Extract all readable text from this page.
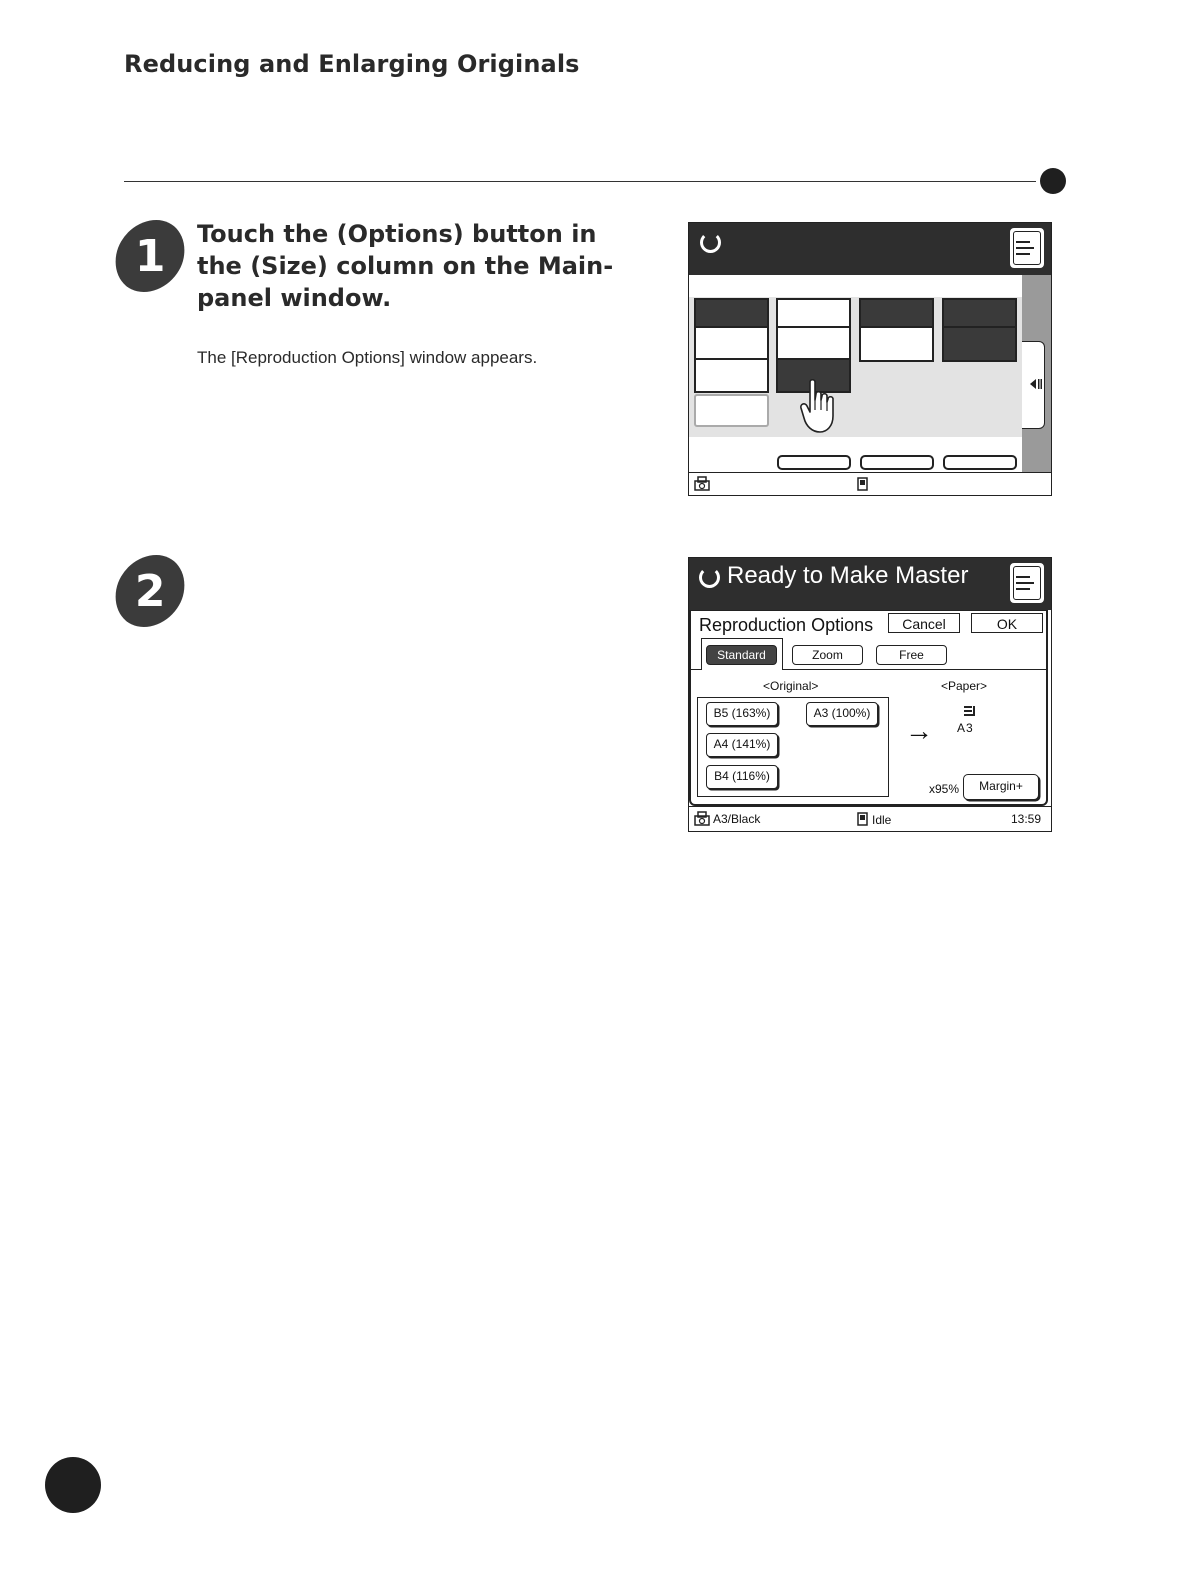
Reducing and Enlarging Originals
1 Touch the (Options) button in the (Size) column on the Main-panel window.
The [Reproduction Options] window appears.
2	Ready to Make Master
Reproduction Options	Cancel	OK
Standard	Zoom	Free
<Original>	<Paper>
B5 (163%)	A3 (100%)
A4 (141%)
B4 (116%)
→ A3
x95%	Margin+
A3/Black	Idle	13:59
